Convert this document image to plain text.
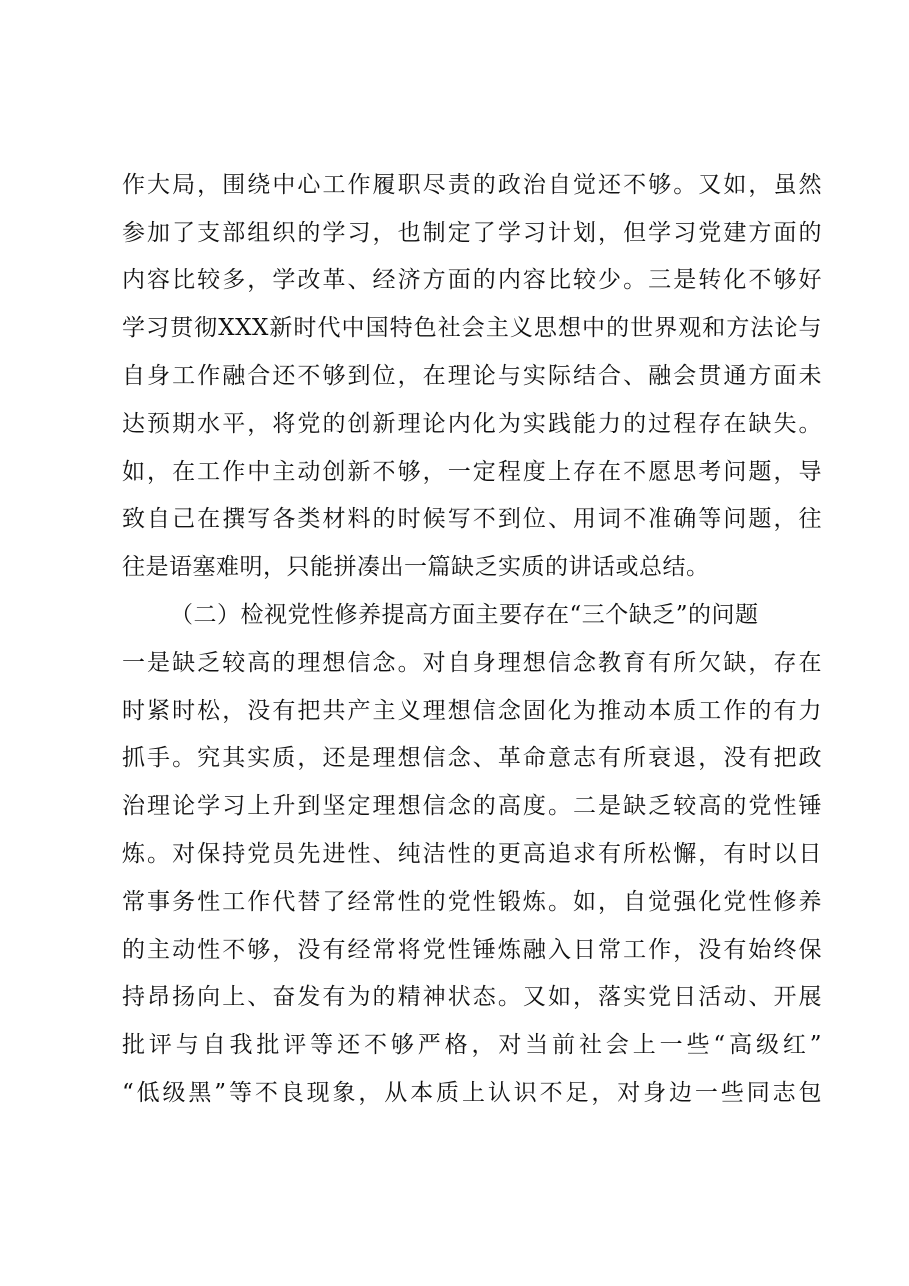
作大局，围绕中心工作履职尽责的政治自觉还不够。又如，虽然
参加了支部组织的学习，也制定了学习计划，但学习党建方面的
内容比较多，学改革、经济方面的内容比较少。三是转化不够好
学习贯彻XXX新时代中国特色社会主义思想中的世界观和方法论与
自身工作融合还不够到位，在理论与实际结合、融会贯通方面未
达预期水平，将党的创新理论内化为实践能力的过程存在缺失。
如，在工作中主动创新不够，一定程度上存在不愿思考问题，导
致自己在撰写各类材料的时候写不到位、用词不准确等问题，往
往是语塞难明，只能拼凑出一篇缺乏实质的讲话或总结。
（二）检视党性修养提高方面主要存在“三个缺乏”的问题
一是缺乏较高的理想信念。对自身理想信念教育有所欠缺，存在
时紧时松，没有把共产主义理想信念固化为推动本质工作的有力
抓手。究其实质，还是理想信念、革命意志有所衰退，没有把政
治理论学习上升到坚定理想信念的高度。二是缺乏较高的党性锤
炼。对保持党员先进性、纯洁性的更高追求有所松懈，有时以日
常事务性工作代替了经常性的党性锻炼。如，自觉强化党性修养
的主动性不够，没有经常将党性锤炼融入日常工作，没有始终保
持昂扬向上、奋发有为的精神状态。又如，落实党日活动、开展
批评与自我批评等还不够严格，对当前社会上一些“高级红”
“低级黑”等不良现象，从本质上认识不足，对身边一些同志包
